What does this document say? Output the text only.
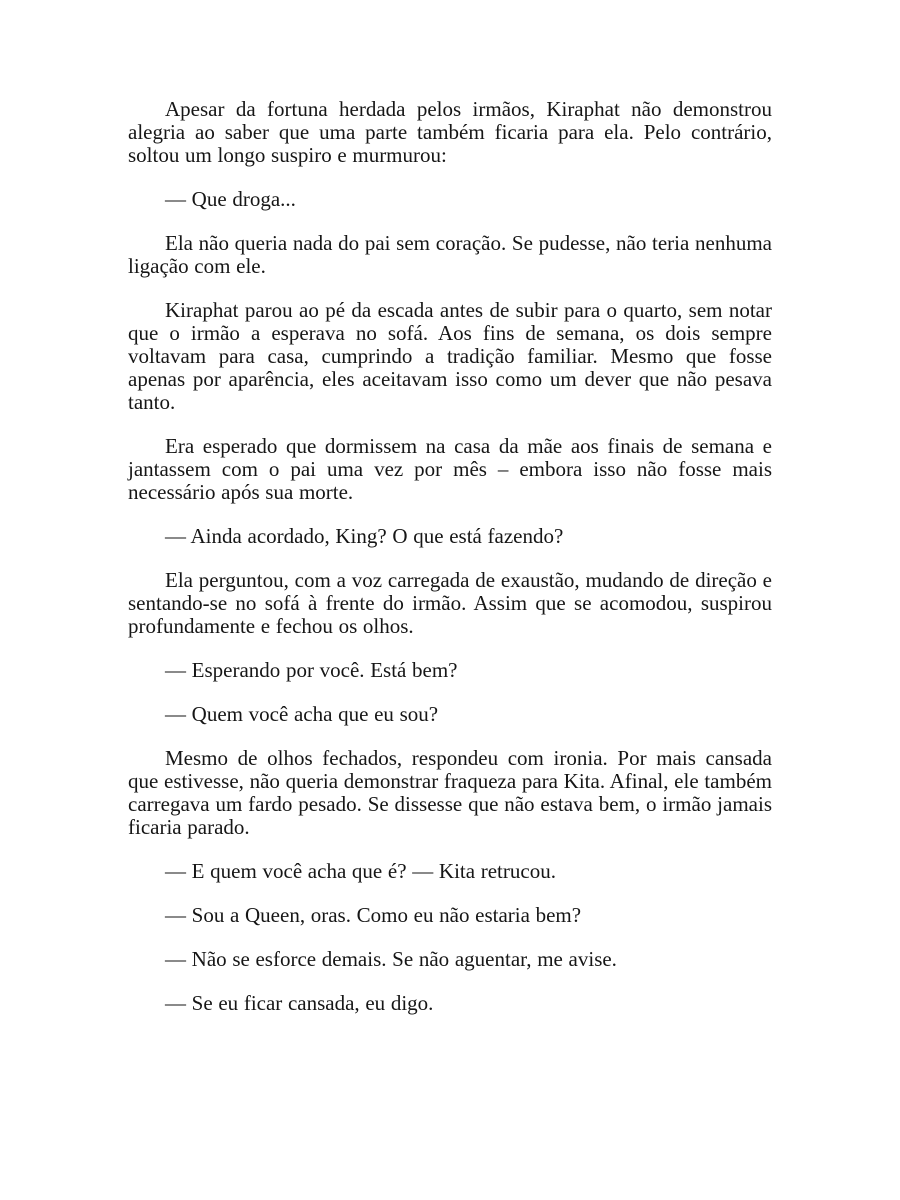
Apesar da fortuna herdada pelos irmãos, Kiraphat não demonstrou alegria ao saber que uma parte também ficaria para ela. Pelo contrário, soltou um longo suspiro e murmurou:

— Que droga...

Ela não queria nada do pai sem coração. Se pudesse, não teria nenhuma ligação com ele.

Kiraphat parou ao pé da escada antes de subir para o quarto, sem notar que o irmão a esperava no sofá. Aos fins de semana, os dois sempre voltavam para casa, cumprindo a tradição familiar. Mesmo que fosse apenas por aparência, eles aceitavam isso como um dever que não pesava tanto.

Era esperado que dormissem na casa da mãe aos finais de semana e jantassem com o pai uma vez por mês – embora isso não fosse mais necessário após sua morte.

— Ainda acordado, King? O que está fazendo?

Ela perguntou, com a voz carregada de exaustão, mudando de direção e sentando-se no sofá à frente do irmão. Assim que se acomodou, suspirou profundamente e fechou os olhos.

— Esperando por você. Está bem?

— Quem você acha que eu sou?

Mesmo de olhos fechados, respondeu com ironia. Por mais cansada que estivesse, não queria demonstrar fraqueza para Kita. Afinal, ele também carregava um fardo pesado. Se dissesse que não estava bem, o irmão jamais ficaria parado.

— E quem você acha que é? — Kita retrucou.

— Sou a Queen, oras. Como eu não estaria bem?

— Não se esforce demais. Se não aguentar, me avise.

— Se eu ficar cansada, eu digo.
